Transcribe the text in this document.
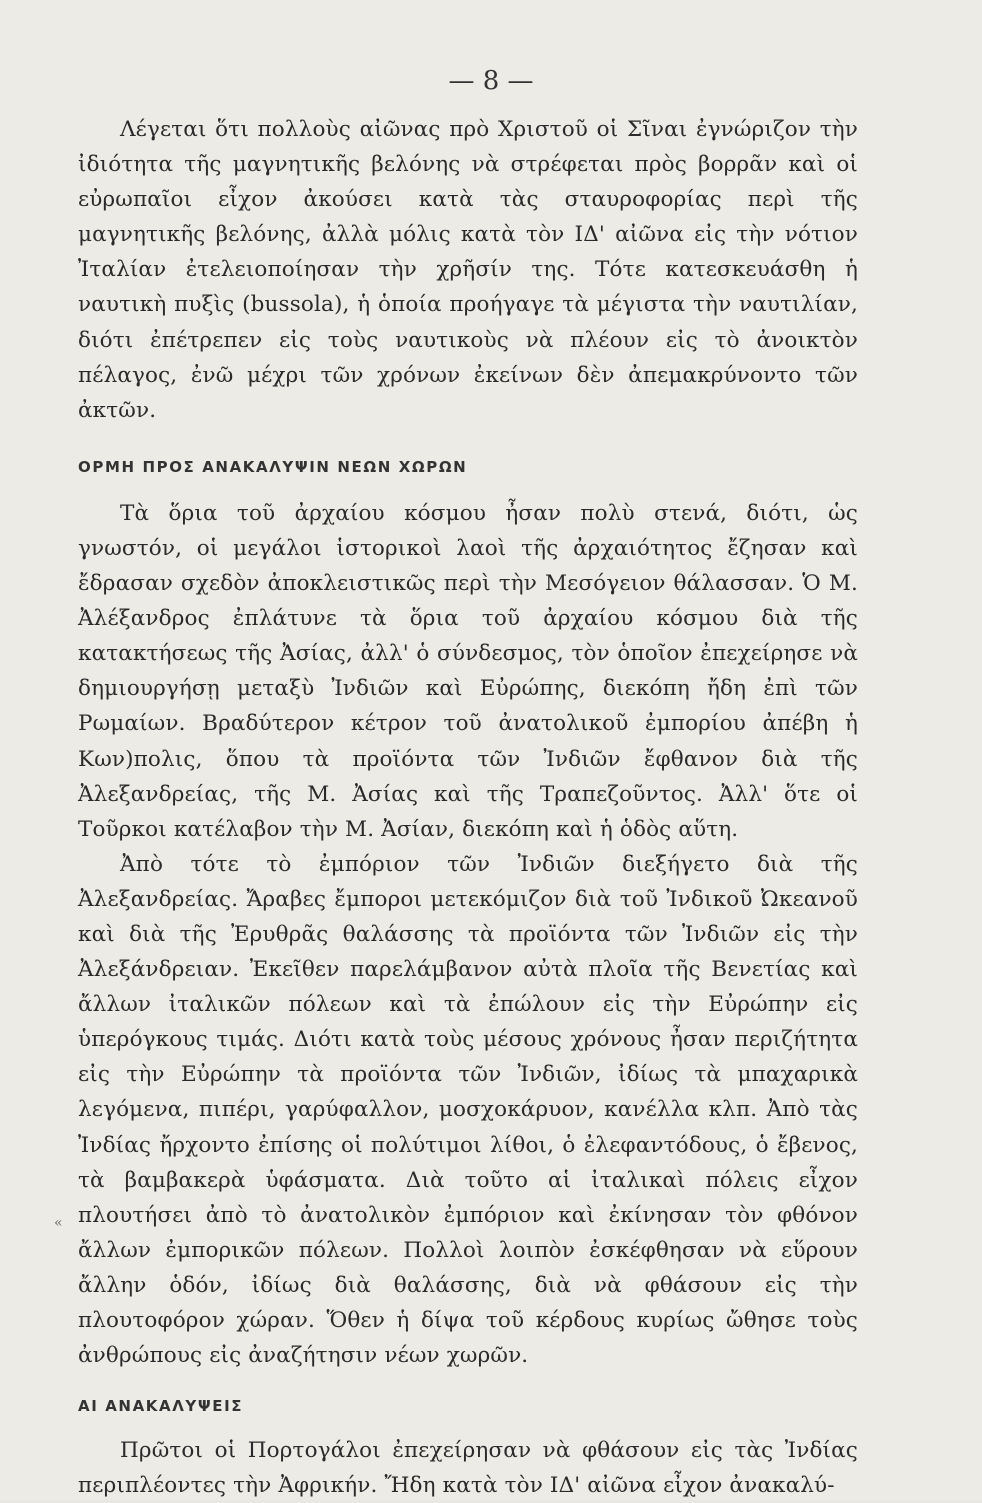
— 8 —

Λέγεται ὅτι πολλοὺς αἰῶνας πρὸ Χριστοῦ οἱ Σῖναι ἐγνώριζον τὴν ἰδιότητα τῆς μαγνητικῆς βελόνης νὰ στρέφεται πρὸς βορρᾶν καὶ οἱ εὐρωπαῖοι εἶχον ἀκούσει κατὰ τὰς σταυροφορίας περὶ τῆς μαγνητικῆς βελόνης, ἀλλὰ μόλις κατὰ τὸν ΙΔ' αἰῶνα εἰς τὴν νότιον Ἰταλίαν ἐτελειοποίησαν τὴν χρῆσίν της. Τότε κατεσκευάσθη ἡ ναυτικὴ πυξὶς (bussola), ἡ ὁποία προήγαγε τὰ μέγιστα τὴν ναυτιλίαν, διότι ἐπέτρεπεν εἰς τοὺς ναυτικοὺς νὰ πλέουν εἰς τὸ ἀνοικτὸν πέλαγος, ἐνῶ μέχρι τῶν χρόνων ἐκείνων δὲν ἀπεμακρύνοντο τῶν ἀκτῶν.

ΟΡΜΗ ΠΡΟΣ ΑΝΑΚΑΛΥΨΙΝ ΝΕΩΝ ΧΩΡΩΝ

Τὰ ὅρια τοῦ ἀρχαίου κόσμου ἦσαν πολὺ στενά, διότι, ὡς γνωστόν, οἱ μεγάλοι ἱστορικοὶ λαοὶ τῆς ἀρχαιότητος ἔζησαν καὶ ἔδρασαν σχεδὸν ἀποκλειστικῶς περὶ τὴν Μεσόγειον θάλασσαν. Ὁ Μ. Ἀλέξανδρος ἐπλάτυνε τὰ ὅρια τοῦ ἀρχαίου κόσμου διὰ τῆς κατακτήσεως τῆς Ἀσίας, ἀλλ' ὁ σύνδεσμος, τὸν ὁποῖον ἐπεχείρησε νὰ δημιουργήσῃ μεταξὺ Ἰνδιῶν καὶ Εὐρώπης, διεκόπη ἤδη ἐπὶ τῶν Ρωμαίων. Βραδύτερον κέτρον τοῦ ἀνατολικοῦ ἐμπορίου ἀπέβη ἡ Κων)πολις, ὅπου τὰ προϊόντα τῶν Ἰνδιῶν ἔφθανον διὰ τῆς Ἀλεξανδρείας, τῆς Μ. Ἀσίας καὶ τῆς Τραπεζοῦντος. Ἀλλ' ὅτε οἱ Τοῦρκοι κατέλαβον τὴν Μ. Ἀσίαν, διεκόπη καὶ ἡ ὁδὸς αὕτη.

Ἀπὸ τότε τὸ ἐμπόριον τῶν Ἰνδιῶν διεξήγετο διὰ τῆς Ἀλεξανδρείας. Ἄραβες ἔμποροι μετεκόμιζον διὰ τοῦ Ἰνδικοῦ Ὠκεανοῦ καὶ διὰ τῆς Ἐρυθρᾶς θαλάσσης τὰ προϊόντα τῶν Ἰνδιῶν εἰς τὴν Ἀλεξάνδρειαν. Ἐκεῖθεν παρελάμβανον αὐτὰ πλοῖα τῆς Βενετίας καὶ ἄλλων ἰταλικῶν πόλεων καὶ τὰ ἐπώλουν εἰς τὴν Εὐρώπην εἰς ὑπερόγκους τιμάς. Διότι κατὰ τοὺς μέσους χρόνους ἦσαν περιζήτητα εἰς τὴν Εὐρώπην τὰ προϊόντα τῶν Ἰνδιῶν, ἰδίως τὰ μπαχαρικὰ λεγόμενα, πιπέρι, γαρύφαλλον, μοσχοκάρυον, κανέλλα κλπ. Ἀπὸ τὰς Ἰνδίας ἤρχοντο ἐπίσης οἱ πολύτιμοι λίθοι, ὁ ἐλεφαντόδους, ὁ ἔβενος, τὰ βαμβακερὰ ὑφάσματα. Διὰ τοῦτο αἱ ἰταλικαὶ πόλεις εἶχον πλουτήσει ἀπὸ τὸ ἀνατολικὸν ἐμπόριον καὶ ἐκίνησαν τὸν φθόνον ἄλλων ἐμπορικῶν πόλεων. Πολλοὶ λοιπὸν ἐσκέφθησαν νὰ εὕρουν ἄλλην ὁδόν, ἰδίως διὰ θαλάσσης, διὰ νὰ φθάσουν εἰς τὴν πλουτοφόρον χώραν. Ὅθεν ἡ δίψα τοῦ κέρδους κυρίως ὤθησε τοὺς ἀνθρώπους εἰς ἀναζήτησιν νέων χωρῶν.

ΑΙ ΑΝΑΚΑΛΥΨΕΙΣ

Πρῶτοι οἱ Πορτογάλοι ἐπεχείρησαν νὰ φθάσουν εἰς τὰς Ἰνδίας περιπλέοντες τὴν Ἀφρικήν. Ἤδη κατὰ τὸν ΙΔ' αἰῶνα εἶχον ἀνακαλύ-

«
